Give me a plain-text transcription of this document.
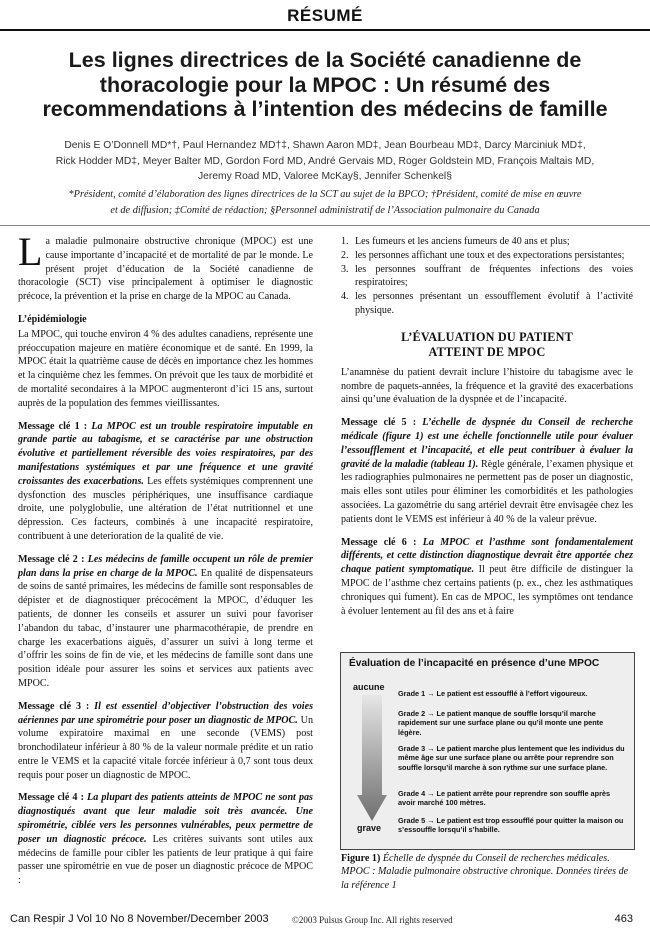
RÉSUMÉ
Les lignes directrices de la Société canadienne de thoracologie pour la MPOC : Un résumé des recommendations à l’intention des médecins de famille
Denis E O’Donnell MD*†, Paul Hernandez MD†‡, Shawn Aaron MD‡, Jean Bourbeau MD‡, Darcy Marciniuk MD‡,
Rick Hodder MD‡, Meyer Balter MD, Gordon Ford MD, André Gervais MD, Roger Goldstein MD, François Maltais MD,
Jeremy Road MD, Valoree McKay§, Jennifer Schenkel§
*Président, comité d’élaboration des lignes directrices de la SCT au sujet de la BPCO; †Président, comité de mise en œuvre
et de diffusion; ‡Comité de rédaction; §Personnel administratif de l’Association pulmonaire du Canada

La maladie pulmonaire obstructive chronique (MPOC) est une cause importante d’incapacité et de mortalité de par le monde. Le présent projet d’éducation de la Société canadienne de thoracologie (SCT) vise principalement à optimiser le diagnostic précoce, la prévention et la prise en charge de la MPOC au Canada.

L’épidémiologie

La MPOC, qui touche environ 4 % des adultes canadiens, représente une préoccupation majeure en matière économique et de santé. En 1999, la MPOC était la quatrième cause de décès en importance chez les hommes et la cinquième chez les femmes. On prévoit que les taux de morbidité et de mortalité secondaires à la MPOC augmenteront d’ici 15 ans, surtout auprès de la population des femmes vieillissantes.

Message clé 1 : La MPOC est un trouble respiratoire imputable en grande partie au tabagisme, et se caractérise par une obstruction évolutive et partiellement réversible des voies respiratoires, par des manifestations systémiques et par une fréquence et une gravité croissantes des exacerbations. Les effets systémiques comprennent une dysfonction des muscles périphériques, une insuffisance cardiaque droite, une polyglobulie, une altération de l’état nutritionnel et une dépression. Ces facteurs, combinés à une incapacité respiratoire, contribuent à une deterioration de la qualité de vie.

Message clé 2 : Les médecins de famille occupent un rôle de premier plan dans la prise en charge de la MPOC. En qualité de dispensateurs de soins de santé primaires, les médecins de famille sont responsables de dépister et de diagnostiquer précocément la MPOC, d’éduquer les patients, de donner les conseils et assurer un suivi pour favoriser l’abandon du tabac, d’instaurer une pharmacothérapie, de prendre en charge les exacerbations aiguës, d’assurer un suivi à long terme et d’offrir les soins de fin de vie, et les médecins de famille sont dans une position idéale pour assurer les soins et services aux patients avec MPOC.

Message clé 3 : Il est essentiel d’objectiver l’obstruction des voies aériennes par une spirométrie pour poser un diagnostic de MPOC. Un volume expiratoire maximal en une seconde (VEMS) post bronchodilateur inférieur à 80 % de la valeur normale prédite et un ratio entre le VEMS et la capacité vitale forcée inférieur à 0,7 sont tous deux requis pour poser un diagnostic de MPOC.

Message clé 4 : La plupart des patients atteints de MPOC ne sont pas diagnostiqués avant que leur maladie soit très avancée. Une spirométrie, ciblée vers les personnes vulnérables, peux permettre de poser un diagnostic précoce. Les critères suivants sont utiles aux médecins de famille pour cibler les patients de leur pratique à qui faire passer une spirométrie en vue de poser un diagnostic précoce de MPOC :

1. Les fumeurs et les anciens fumeurs de 40 ans et plus;
2. les personnes affichant une toux et des expectorations persistantes;
3. les personnes souffrant de fréquentes infections des voies respiratoires;
4. les personnes présentant un essoufflement évolutif à l’activité physique.
L’ÉVALUATION DU PATIENT
ATTEINT DE MPOC

L’anamnèse du patient devrait inclure l’histoire du tabagisme avec le nombre de paquets-années, la fréquence et la gravité des exacerbations ainsi qu’une évaluation de la dyspnée et de l’incapacité.

Message clé 5 : L’échelle de dyspnée du Conseil de recherche médicale (figure 1) est une échelle fonctionnelle utile pour évaluer l’essoufflement et l’incapacité, et elle peut contribuer à évaluer la gravité de la maladie (tableau 1). Règle générale, l’examen physique et les radiographies pulmonaires ne permettent pas de poser un diagnostic, mais elles sont utiles pour éliminer les comorbidités et les pathologies associées. La gazométrie du sang artériel devrait être envisagée chez les patients dont le VEMS est inférieur à 40 % de la valeur prévue.

Message clé 6 : La MPOC et l’asthme sont fondamentalement différents, et cette distinction diagnostique devrait être apportée chez chaque patient symptomatique. Il peut être difficile de distinguer la MPOC de l’asthme chez certains patients (p. ex., chez les asthmatiques chroniques qui fument). En cas de MPOC, les symptômes ont tendance à évoluer lentement au fil des ans et à faire

Évaluation de l’incapacité en présence d’une MPOC
aucune
grave
Grade 1 → Le patient est essoufflé à l’effort vigoureux.
Grade 2 → Le patient manque de souffle lorsqu’il marche rapidement sur une surface plane ou qu’il monte une pente légère.
Grade 3 → Le patient marche plus lentement que les individus du même âge sur une surface plane ou arrête pour reprendre son souffle lorsqu’il marche à son rythme sur une surface plane.
Grade 4 → Le patient arrête pour reprendre son souffle après avoir marché 100 mètres.
Grade 5 → Le patient est trop essoufflé pour quitter la maison ou s’essouffle lorsqu’il s’habille.
Figure 1) Échelle de dyspnée du Conseil de recherches médicales. MPOC : Maladie pulmonaire obstructive chronique. Données tirées de la référence 1
Can Respir J Vol 10 No 8 November/December 2003	©2003 Pulsus Group Inc. All rights reserved	463
